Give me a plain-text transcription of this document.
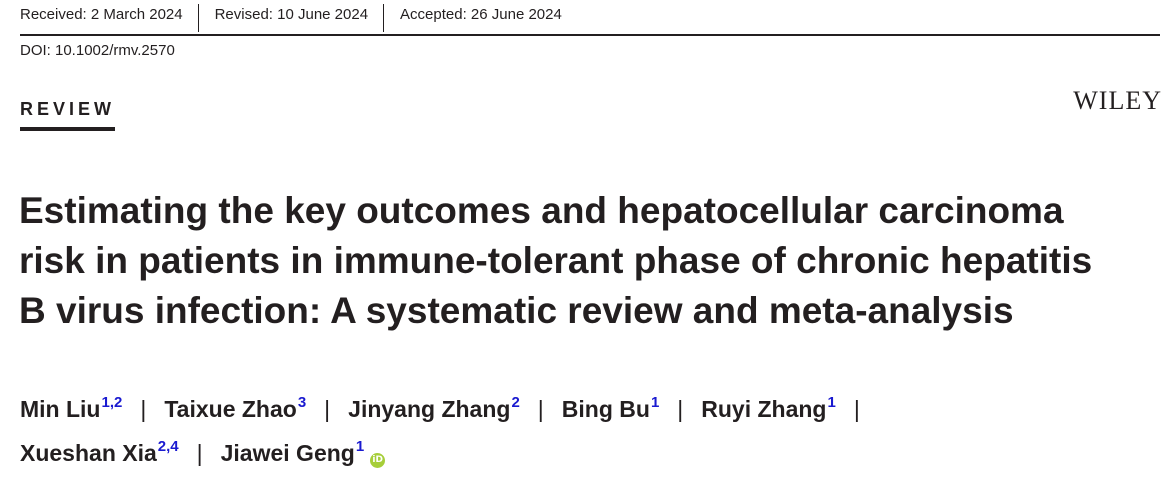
Received: 2 March 2024 Revised: 10 June 2024 Accepted: 26 June 2024
DOI: 10.1002/rmv.2570
REVIEW	WILEY
Estimating the key outcomes and hepatocellular carcinoma
risk in patients in immune-tolerant phase of chronic hepatitis
B virus infection: A systematic review and meta-analysis
Min Liu$^{1,2}$ | Taixue Zhao$^3$ | Jinyang Zhang$^2$ | Bing Bu$^1$ | Ruyi Zhang$^1$ |
Xueshan Xia$^{2,4}$ | Jiawei Geng$^1$
iD
